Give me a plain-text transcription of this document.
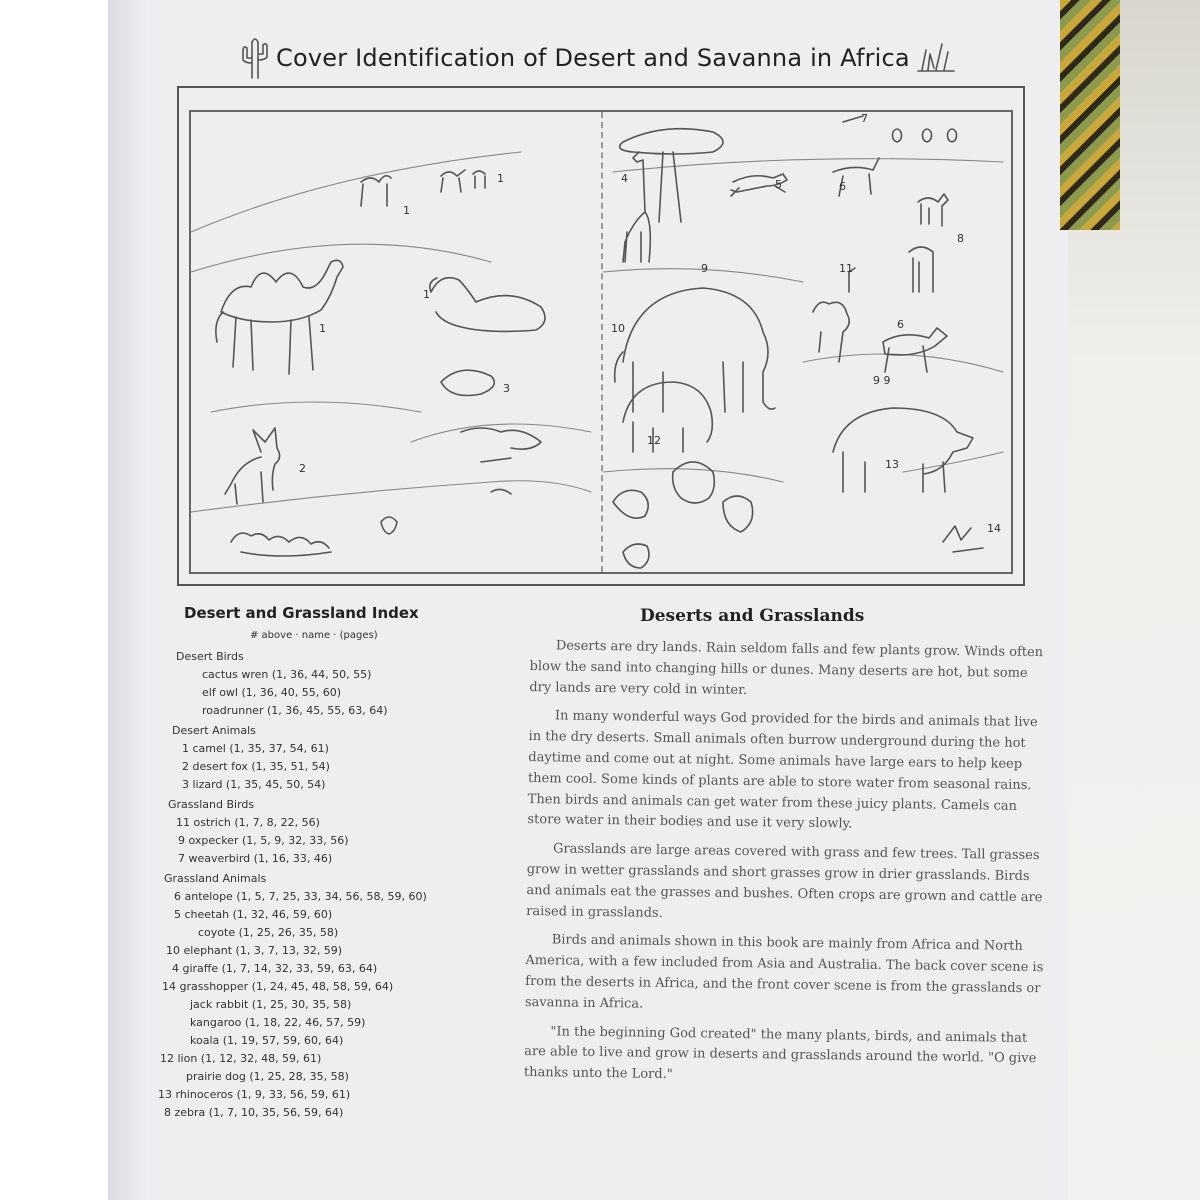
Cover Identification of Desert and Savanna in Africa
1
1
1
1
2
3
7
4	5	6
8
11
9
6
10
9 9
12
13
14
Desert and Grassland Index
# above · name · (pages)
Desert Birds
cactus wren (1, 36, 44, 50, 55)
elf owl (1, 36, 40, 55, 60)
roadrunner (1, 36, 45, 55, 63, 64)
Desert Animals
1 camel (1, 35, 37, 54, 61)
2 desert fox (1, 35, 51, 54)
3 lizard (1, 35, 45, 50, 54)
Grassland Birds
11 ostrich (1, 7, 8, 22, 56)
9 oxpecker (1, 5, 9, 32, 33, 56)
7 weaverbird (1, 16, 33, 46)
Grassland Animals
6 antelope (1, 5, 7, 25, 33, 34, 56, 58, 59, 60)
5 cheetah (1, 32, 46, 59, 60)
coyote (1, 25, 26, 35, 58)
10 elephant (1, 3, 7, 13, 32, 59)
4 giraffe (1, 7, 14, 32, 33, 59, 63, 64)
14 grasshopper (1, 24, 45, 48, 58, 59, 64)
jack rabbit (1, 25, 30, 35, 58)
kangaroo (1, 18, 22, 46, 57, 59)
koala (1, 19, 57, 59, 60, 64)
12 lion (1, 12, 32, 48, 59, 61)
prairie dog (1, 25, 28, 35, 58)
13 rhinoceros (1, 9, 33, 56, 59, 61)
8 zebra (1, 7, 10, 35, 56, 59, 64)
Deserts and Grasslands

Deserts are dry lands. Rain seldom falls and few plants grow. Winds often blow the sand into changing hills or dunes. Many deserts are hot, but some dry lands are very cold in winter.

In many wonderful ways God provided for the birds and animals that live in the dry deserts. Small animals often burrow underground during the hot daytime and come out at night. Some animals have large ears to help keep them cool. Some kinds of plants are able to store water from seasonal rains. Then birds and animals can get water from these juicy plants. Camels can store water in their bodies and use it very slowly.

Grasslands are large areas covered with grass and few trees. Tall grasses grow in wetter grasslands and short grasses grow in drier grasslands. Birds and animals eat the grasses and bushes. Often crops are grown and cattle are raised in grasslands.

Birds and animals shown in this book are mainly from Africa and North America, with a few included from Asia and Australia. The back cover scene is from the deserts in Africa, and the front cover scene is from the grasslands or savanna in Africa.

"In the beginning God created" the many plants, birds, and animals that are able to live and grow in deserts and grasslands around the world. "O give thanks unto the Lord."
